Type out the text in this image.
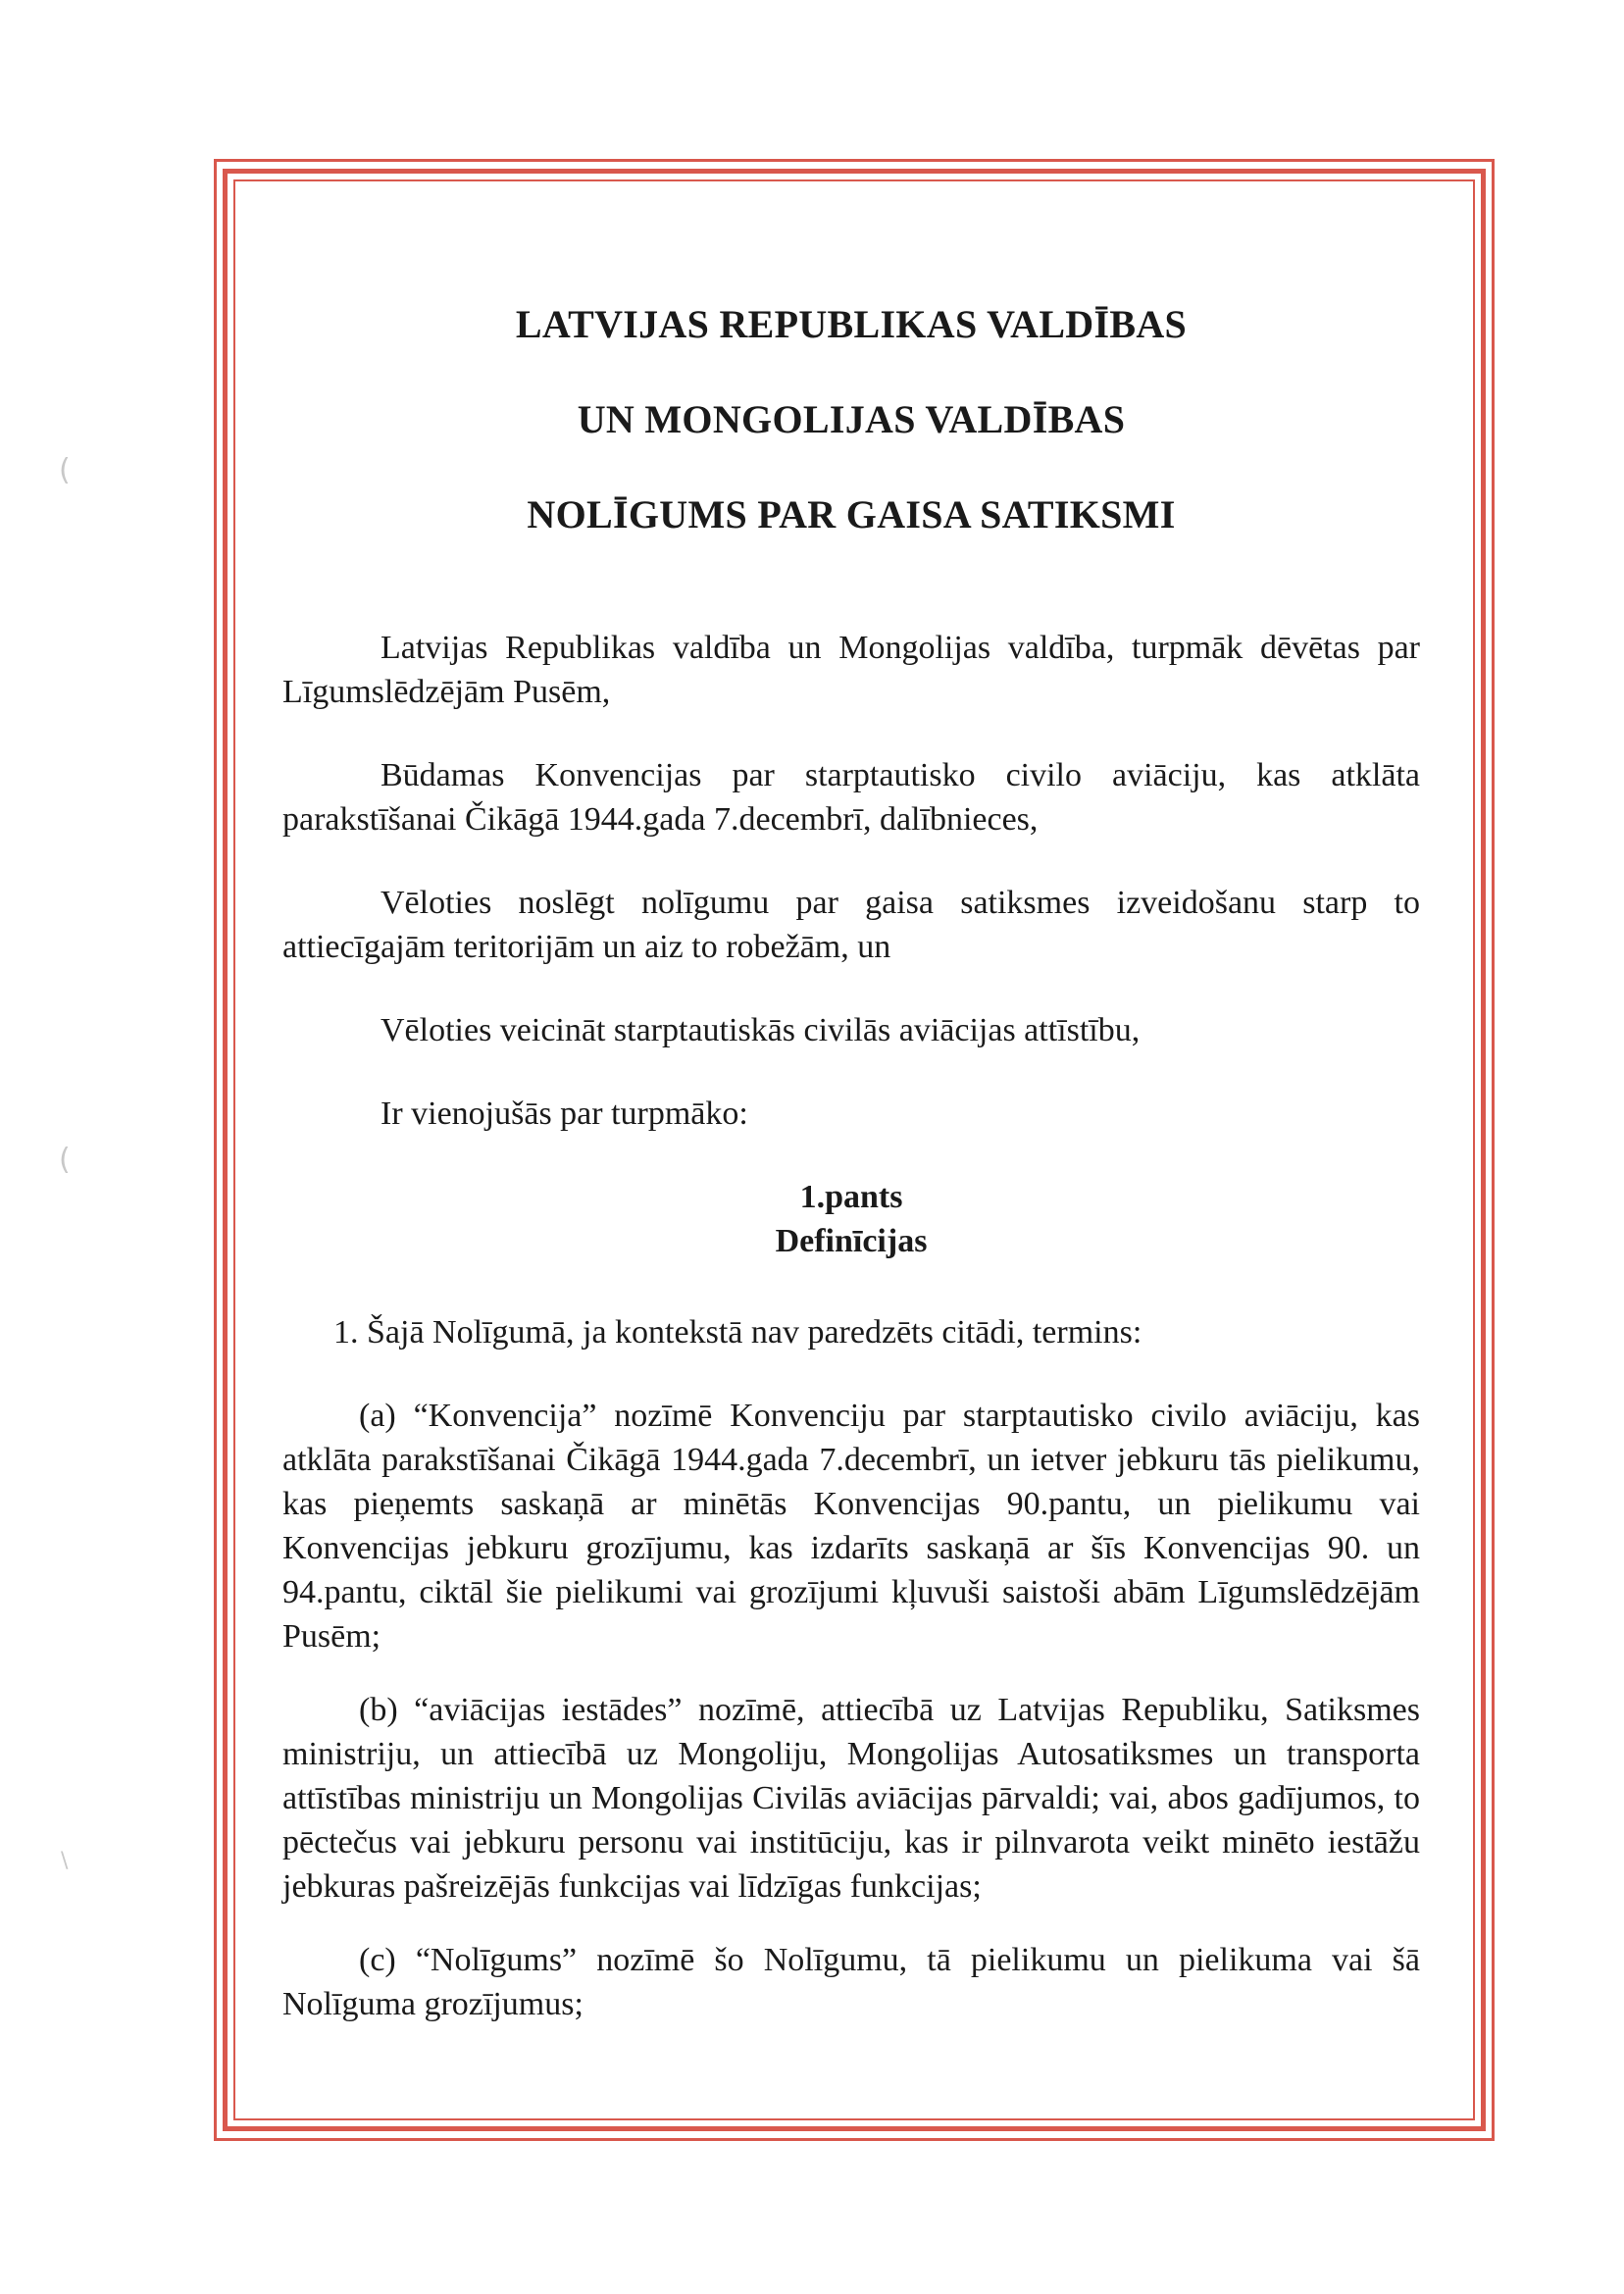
(
(
\
LATVIJAS REPUBLIKAS VALDĪBAS
UN MONGOLIJAS VALDĪBAS
NOLĪGUMS PAR GAISA SATIKSMI

Latvijas Republikas valdība un Mongolijas valdība, turpmāk dēvētas par Līgumslēdzējām Pusēm,

Būdamas Konvencijas par starptautisko civilo aviāciju, kas atklāta parakstīšanai Čikāgā 1944.gada 7.decembrī, dalībnieces,

Vēloties noslēgt nolīgumu par gaisa satiksmes izveidošanu starp to attiecīgajām teritorijām un aiz to robežām, un

Vēloties veicināt starptautiskās civilās aviācijas attīstību,

Ir vienojušās par turpmāko:

1.pants
Definīcijas

1. Šajā Nolīgumā, ja kontekstā nav paredzēts citādi, termins:

(a) “Konvencija” nozīmē Konvenciju par starptautisko civilo aviāciju, kas atklāta parakstīšanai Čikāgā 1944.gada 7.decembrī, un ietver jebkuru tās pielikumu, kas pieņemts saskaņā ar minētās Konvencijas 90.pantu, un pielikumu vai Konvencijas jebkuru grozījumu, kas izdarīts saskaņā ar šīs Konvencijas 90. un 94.pantu, ciktāl šie pielikumi vai grozījumi kļuvuši saistoši abām Līgumslēdzējām Pusēm;

(b) “aviācijas iestādes” nozīmē, attiecībā uz Latvijas Republiku, Satiksmes ministriju, un attiecībā uz Mongoliju, Mongolijas Autosatiksmes un transporta attīstības ministriju un Mongolijas Civilās aviācijas pārvaldi; vai, abos gadījumos, to pēctečus vai jebkuru personu vai institūciju, kas ir pilnvarota veikt minēto iestāžu jebkuras pašreizējās funkcijas vai līdzīgas funkcijas;

(c) “Nolīgums” nozīmē šo Nolīgumu, tā pielikumu un pielikuma vai šā Nolīguma grozījumus;
